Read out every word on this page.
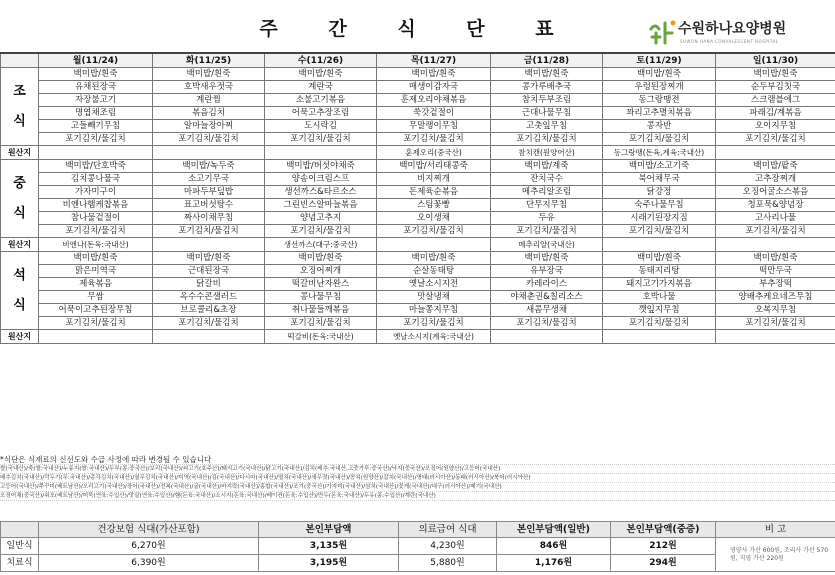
주 간 식 단 표	수원하나요양병원
SUWON HANA CONVALESCENT HOSPITAL
	월(11/24)	화(11/25)	수(11/26)	목(11/27)	금(11/28)	토(11/29)	일(11/30)

조
식	백미밥/흰죽	백미밥/흰죽	백미밥/흰죽	백미밥/흰죽	백미밥/흰죽	백미밥/흰죽	백미밥/흰죽
	유채된장국	호박새우젓국	계란국	매생이감자국	콩가루배추국	우렁된장찌개	순두부김칫국
	자장불고기	계란찜	소불고기볶음	훈제오리야채볶음	참치두부조림	동그랑땡전	스크램블에그
	명엽채조림	볶음김치	어묵고추장조림	쑥갓겉절이	근대나물무침	꽈리고추멸치볶음	파래김/계볶음
	고들빼기무침	알마늘장아찌	도시락김	무말랭이무침	고춧잎무침	콩자반	오이지무침
	포기김치/물김치	포기김치/물김치	포기김치/물김치	포기김치/물김치	포기김치/물김치	포기김치/물김치	포기김치/물김치
원산지				훈제오리(중국산)	참치캔(원양어산)	동그랑땡(돈육,계육:국내산)	

중
식	백미밥/단호박죽	백미밥/녹두죽	백미밥/버섯야채죽	백미밥/서리태콩죽	백미밥/계죽	백미밥/소고기죽	백미밥/팥죽
	김치콩나물국	소고기무국	양송이크림스프	비지찌개	잔치국수	북어채무국	고추장찌개
	가자미구이	마파두부덮밥	생선까스&타르소스	돈제육순볶음	메추리알조림	닭강정	오징어굴소스볶음
	비엔나햄케찹볶음	표고버섯탕수	그린빈스알마늘볶음	스팀꽃빵	단무지무침	숙주나물무침	청포묵&양념장
	참나물겉절이	짜사이채무침	양념고추지	오이생채	두유	시래기된장지짐	고사리나물
	포기김치/물김치	포기김치/물김치	포기김치/물김치	포기김치/물김치	포기김치/물김치	포기김치/물김치	포기김치/물김치
원산지	비엔나(돈육:국내산)		생선까스(대구:중국산)		메추리알(국내산)		

석
식	백미밥/흰죽	백미밥/흰죽	백미밥/흰죽	백미밥/흰죽	백미밥/흰죽	백미밥/흰죽	백미밥/흰죽
	맑은미역국	근대된장국	오징어찌개	순살동태탕	유부장국	동태지리탕	떡만두국
	제육볶음	닭갈비	떡갈비난자완스	옛날소시지전	카레라이스	돼지고기가지볶음	부추장떡
	무쌈	옥수수콘샐러드	콩나물무침	맛살냉채	야채춘권&칠리소스	호박나물	양배추케요네즈무침
	어묵이고추된장무침	브로콜리&초장	취나물들깨볶음	마늘쫑지무침	새콤무생채	깻잎지무침	오복지무침
	포기김치/물김치	포기김치/물김치	포기김치/물김치	포기김치/물김치	포기김치/물김치	포기김치/물김치	포기김치/물김치
원산지			떡갈비(돈육:국내산)	옛날소시지(계육:국내산)			
*식단은 식재료의 신선도와 수급 사정에 따라 변경될 수 있습니다
쌀(국내산)/죽(쌀:국내산)/누룽지(쌀:국내산)/두부(콩:중국산)/보리(국내산)/쇠고기(호주산)/돼지고기(국내산)/닭고기(국내산)/김치(배추:국내산,고춧가루:중국산)/낙지(중국산)/오징어(원양산)/고등어(국내산)
배추김치(국내산)/깍두기(무:국내산)/총각김치(국내산)/열무김치(국내산)/미역(국내산)/김(국내산)/다시마(국내산)/멸치(국내산)/새우젓(국내산)/꽁치(원양산)/갈치(국내산)/명태(러시아산)/동태(러시아산)/북어(러시아산)
고등어(국내산)/쭈꾸미(베트남산)/오리고기(국내산)/장어(국내산)/전복(국내산)/굴(국내산)/바지락(국내산)/홍합(국내산)/조기(중국산)/가자미(국내산)/삼치(국내산)/꽃게(국내산)/대구(러시아산)/메기(국내산)
오징어채(중국산)/쥐포(베트남산)/어묵(연육:수입산)/맛살(연육:수입산)/햄(돈육:국내산)/소시지(돈육:국내산)/베이컨(돈육:수입산)/만두(돈육:국내산)/두유(콩:수입산)/계란(국내산)
	건강보험 식대(가산포함)	본인부담액	의료급여 식대	본인부담액(일반)	본인부담액(중증)	비 고
일반식	6,270원	3,135원	4,230원	846원	212원	영양사 가산 600원, 조리사 가산 570원, 직영 가산 220원
치료식	6,390원	3,195원	5,880원	1,176원	294원	
